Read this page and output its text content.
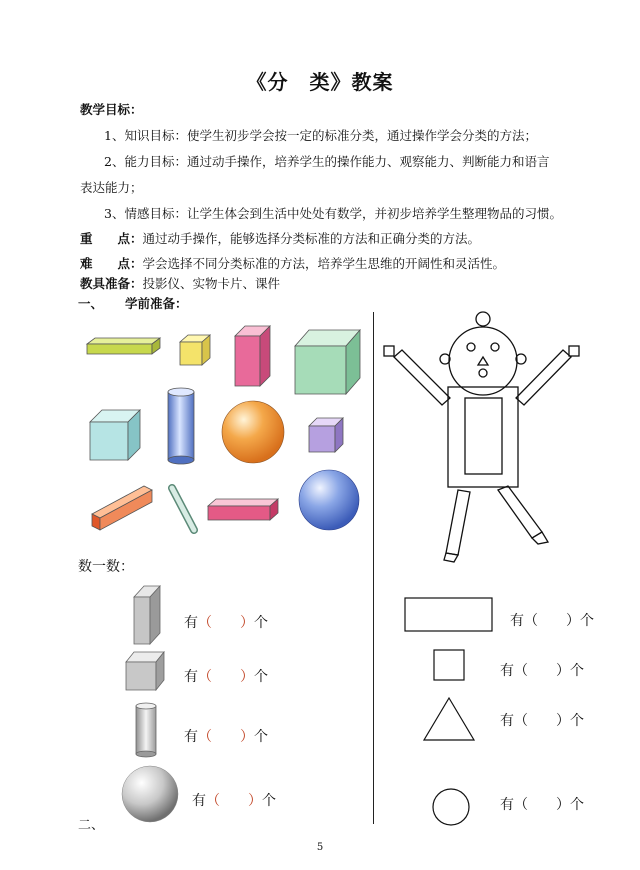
《分　类》教案
教学目标：
1、知识目标：使学生初步学会按一定的标准分类，通过操作学会分类的方法；
2、能力目标：通过动手操作，培养学生的操作能力、观察能力、判断能力和语言
表达能力；
3、情感目标：让学生体会到生活中处处有数学，并初步培养学生整理物品的习惯。
重　　点：通过动手操作，能够选择分类标准的方法和正确分类的方法。
难　　点：学会选择不同分类标准的方法，培养学生思维的开阔性和灵活性。
教具准备：投影仪、实物卡片、课件
一、 学前准备：
数一数：
有（　　）个
有（　　）个
有（　　）个
有（　　）个
有（　　）个
有（　　）个
有（　　）个
有（　　）个
二、
5
